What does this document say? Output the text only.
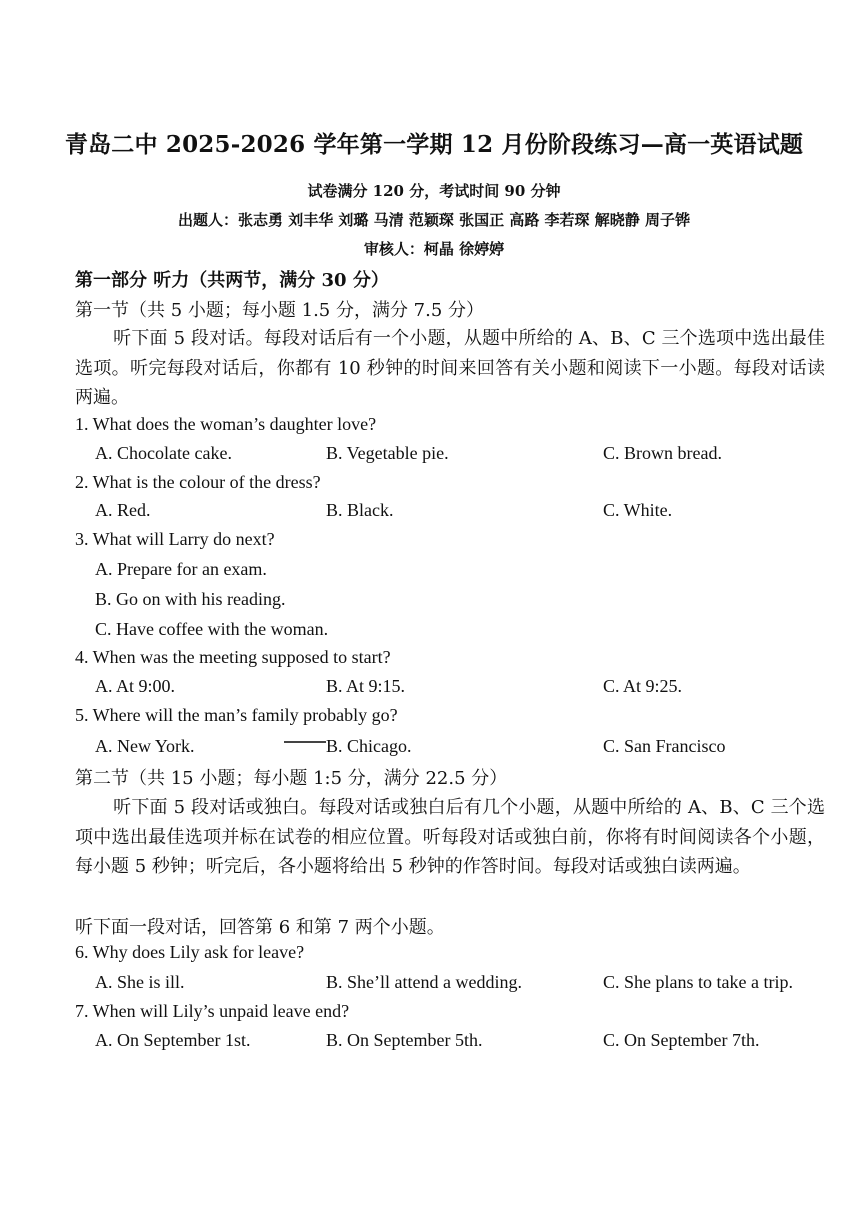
青岛二中 2025-2026 学年第一学期 12 月份阶段练习—高一英语试题
试卷满分 120 分，考试时间 90 分钟
出题人：张志勇 刘丰华 刘璐 马清 范颖琛 张国正 高路 李若琛 解晓静 周子铧
审核人：柯晶 徐婷婷
第一部分 听力（共两节，满分 30 分）
第一节（共 5 小题；每小题 1.5 分，满分 7.5 分）
听下面 5 段对话。每段对话后有一个小题，从题中所给的 A、B、C 三个选项中选出最佳选项。听完每段对话后，你都有 10 秒钟的时间来回答有关小题和阅读下一小题。每段对话读两遍。
1. What does the woman’s daughter love?
A. Chocolate cake.	B. Vegetable pie.	C. Brown bread.
2. What is the colour of the dress?
A. Red.	B. Black.	C. White.
3. What will Larry do next?
A. Prepare for an exam.
B. Go on with his reading.
C. Have coffee with the woman.
4. When was the meeting supposed to start?
A. At 9:00.	B. At 9:15.	C. At 9:25.
5. Where will the man’s family probably go?
A. New York.	B. Chicago.	C. San Francisco
第二节（共 15 小题；每小题 1:5 分，满分 22.5 分）
听下面 5 段对话或独白。每段对话或独白后有几个小题，从题中所给的 A、B、C 三个选项中选出最佳选项并标在试卷的相应位置。听每段对话或独白前，你将有时间阅读各个小题，每小题 5 秒钟；听完后，各小题将给出 5 秒钟的作答时间。每段对话或独白读两遍。
听下面一段对话，回答第 6 和第 7 两个小题。
6. Why does Lily ask for leave?
A. She is ill.	B. She’ll attend a wedding.	C. She plans to take a trip.
7. When will Lily’s unpaid leave end?
A. On September 1st.	B. On September 5th.	C. On September 7th.
